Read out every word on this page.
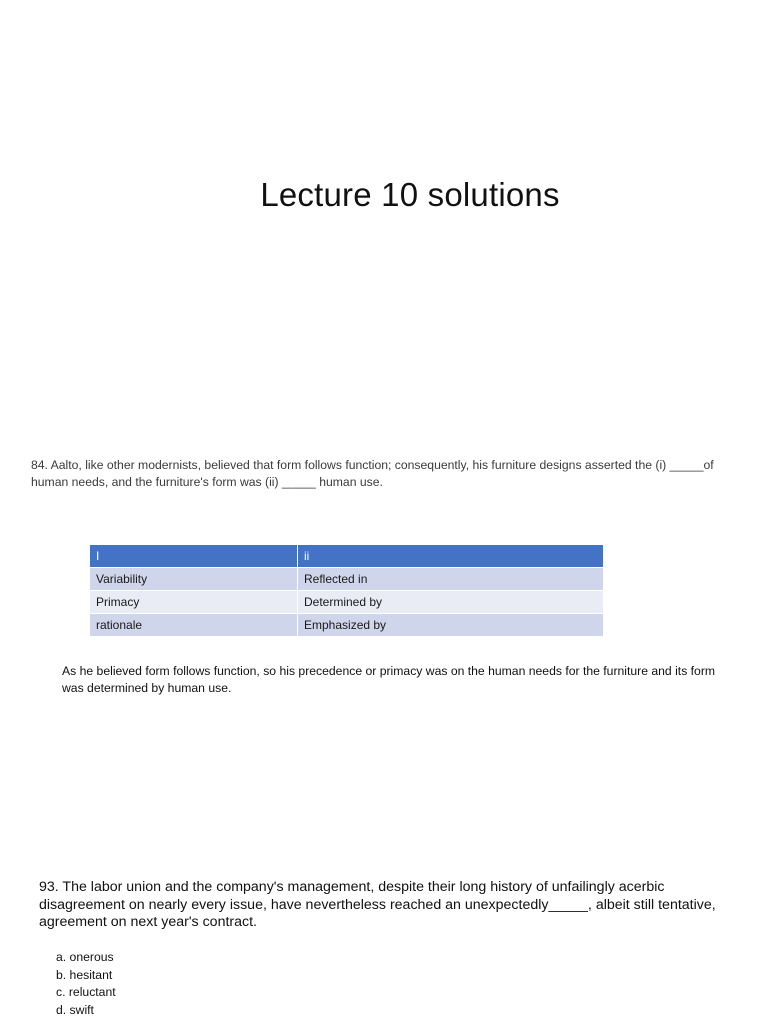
Lecture 10 solutions
84. Aalto, like other modernists, believed that form follows function; consequently, his furniture designs asserted the (i) _____of human needs, and the furniture's form was (ii) _____ human use.
I	ii
Variability	Reflected in
Primacy	Determined by
rationale	Emphasized by
As he believed form follows function, so his precedence or primacy was on the human needs for the furniture and its form was determined by human use.
93. The labor union and the company's management, despite their long history of unfailingly acerbic disagreement on nearly every issue, have nevertheless reached an unexpectedly_____, albeit still tentative, agreement on next year's contract.
a. onerous
b. hesitant
c. reluctant
d. swift
